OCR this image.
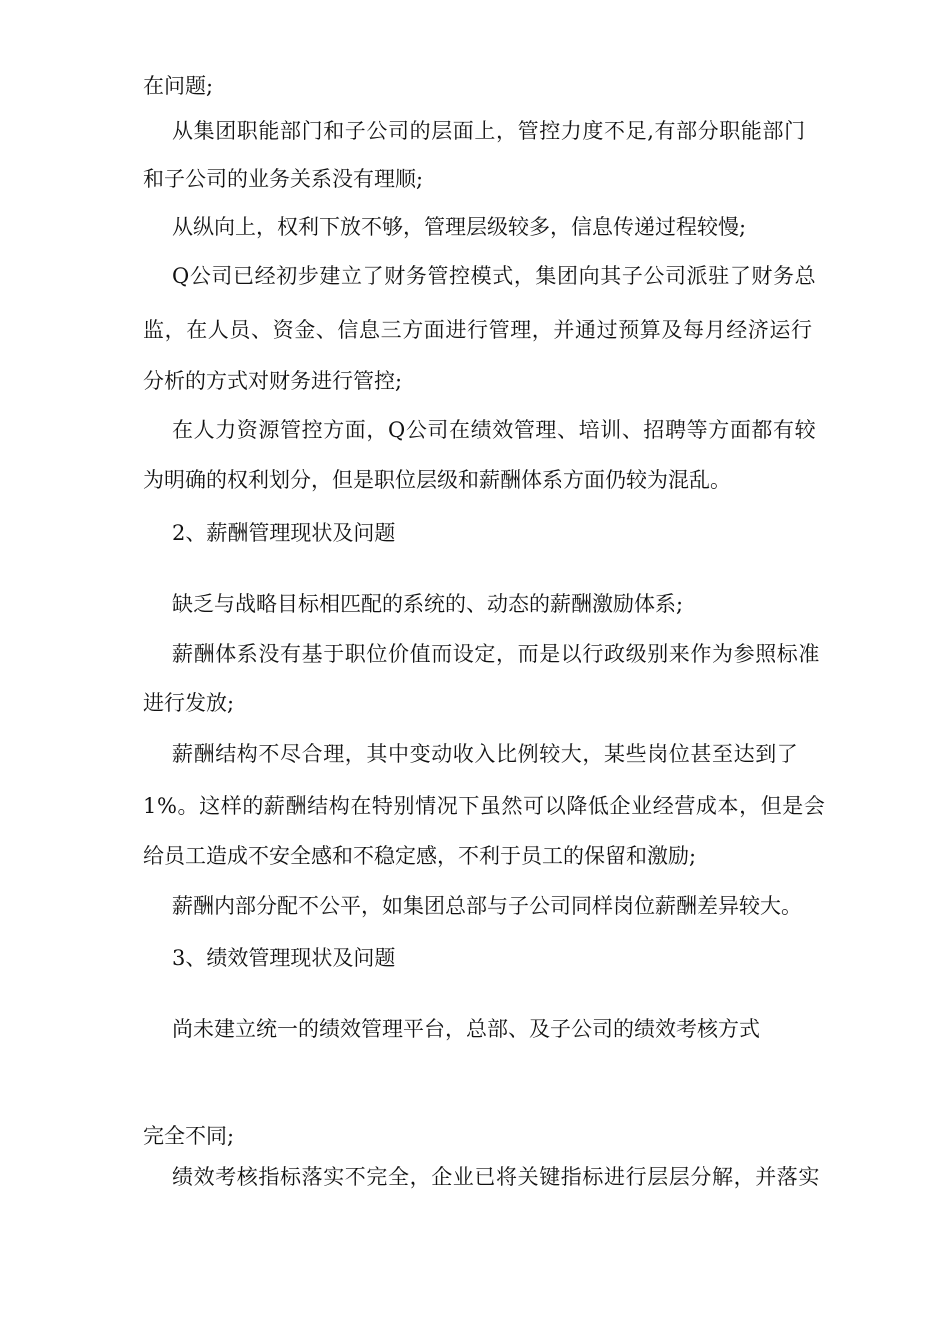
在问题;

从集团职能部门和子公司的层面上，管控力度不足,有部分职能部门

和子公司的业务关系没有理顺;

从纵向上，权利下放不够，管理层级较多，信息传递过程较慢;

Q公司已经初步建立了财务管控模式，集团向其子公司派驻了财务总

监，在人员、资金、信息三方面进行管理，并通过预算及每月经济运行

分析的方式对财务进行管控;

在人力资源管控方面，Q公司在绩效管理、培训、招聘等方面都有较

为明确的权利划分，但是职位层级和薪酬体系方面仍较为混乱。

2、薪酬管理现状及问题

缺乏与战略目标相匹配的系统的、动态的薪酬激励体系;

薪酬体系没有基于职位价值而设定，而是以行政级别来作为参照标准

进行发放;

薪酬结构不尽合理，其中变动收入比例较大，某些岗位甚至达到了

1%。这样的薪酬结构在特别情况下虽然可以降低企业经营成本，但是会

给员工造成不安全感和不稳定感，不利于员工的保留和激励;

薪酬内部分配不公平，如集团总部与子公司同样岗位薪酬差异较大。

3、绩效管理现状及问题

尚未建立统一的绩效管理平台，总部、及子公司的绩效考核方式

完全不同;

绩效考核指标落实不完全，企业已将关键指标进行层层分解，并落实
